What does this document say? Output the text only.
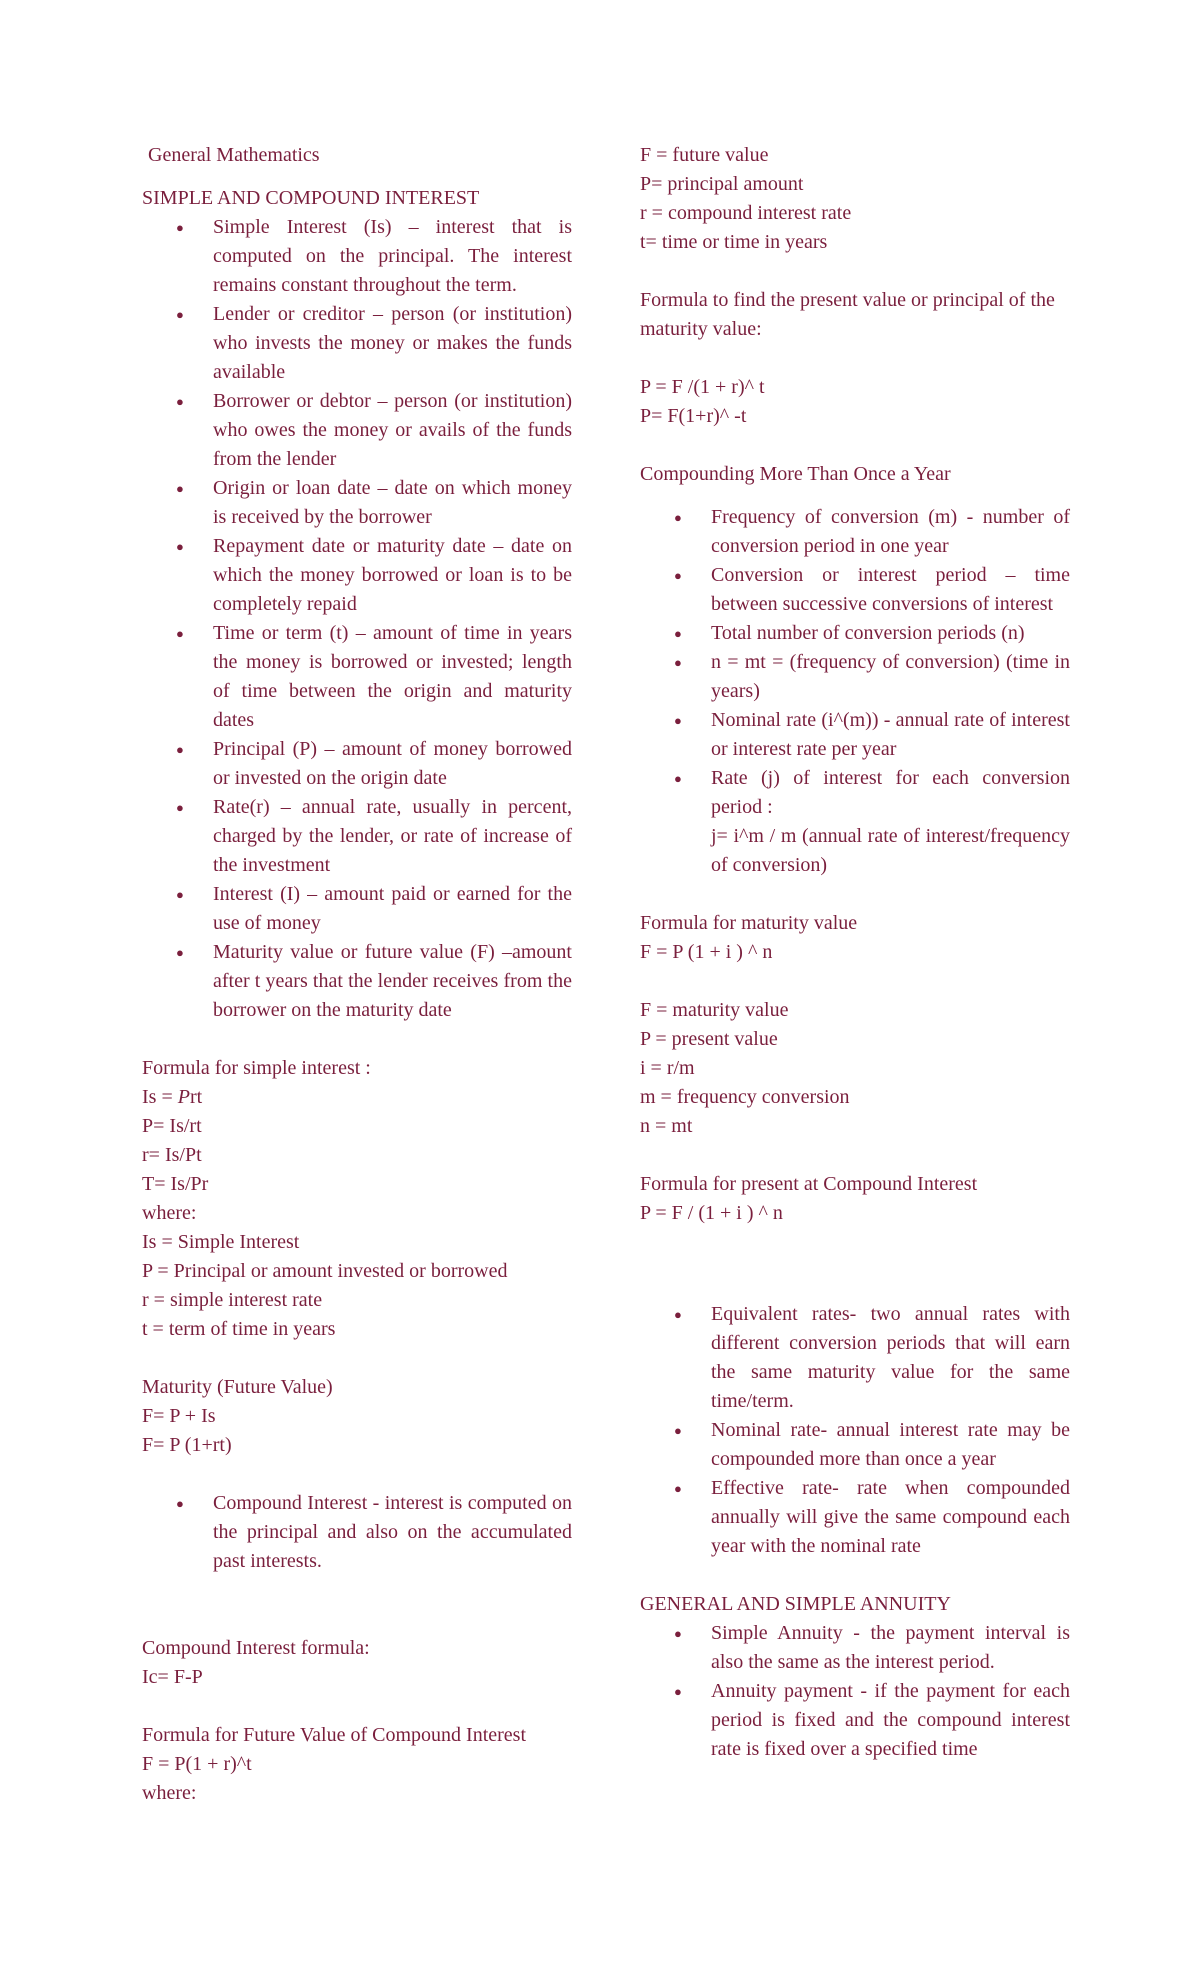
General Mathematics
SIMPLE AND COMPOUND INTEREST
● Simple Interest (Is) – interest that is computed on the principal. The interest remains constant throughout the term.
● Lender or creditor – person (or institution) who invests the money or makes the funds available
● Borrower or debtor – person (or institution) who owes the money or avails of the funds from the lender
● Origin or loan date – date on which money is received by the borrower
● Repayment date or maturity date – date on which the money borrowed or loan is to be completely repaid
● Time or term (t) – amount of time in years the money is borrowed or invested; length of time between the origin and maturity dates
● Principal (P) – amount of money borrowed or invested on the origin date
● Rate(r) – annual rate, usually in percent, charged by the lender, or rate of increase of the investment
● Interest (I) – amount paid or earned for the use of money
● Maturity value or future value (F) –amount after t years that the lender receives from the borrower on the maturity date
Formula for simple interest :
Is = Prt
P= Is/rt
r= Is/Pt
T= Is/Pr
where:
Is = Simple Interest
P = Principal or amount invested or borrowed
r = simple interest rate
t = term of time in years
Maturity (Future Value)
F= P + Is
F= P (1+rt)
● Compound Interest - interest is computed on the principal and also on the accumulated past interests.
Compound Interest formula:
Ic= F-P
Formula for Future Value of Compound Interest
F = P(1 + r)^t
where:
F = future value
P= principal amount
r = compound interest rate
t= time or time in years
Formula to find the present value or principal of the maturity value:
P = F /(1 + r)^ t
P= F(1+r)^ -t
Compounding More Than Once a Year
● Frequency of conversion (m) - number of conversion period in one year
● Conversion or interest period – time between successive conversions of interest
● Total number of conversion periods (n)
● n = mt = (frequency of conversion) (time in years)
● Nominal rate (i^(m)) - annual rate of interest or interest rate per year
● Rate (j) of interest for each conversion period :
j= i^m / m (annual rate of interest/frequency of conversion)
Formula for maturity value
F = P (1 + i ) ^ n
F = maturity value
P = present value
i = r/m
m = frequency conversion
n = mt
Formula for present at Compound Interest
P = F / (1 + i ) ^ n
● Equivalent rates- two annual rates with different conversion periods that will earn the same maturity value for the same time/term.
● Nominal rate- annual interest rate may be compounded more than once a year
● Effective rate- rate when compounded annually will give the same compound each year with the nominal rate
GENERAL AND SIMPLE ANNUITY
● Simple Annuity - the payment interval is also the same as the interest period.
● Annuity payment - if the payment for each period is fixed and the compound interest rate is fixed over a specified time
